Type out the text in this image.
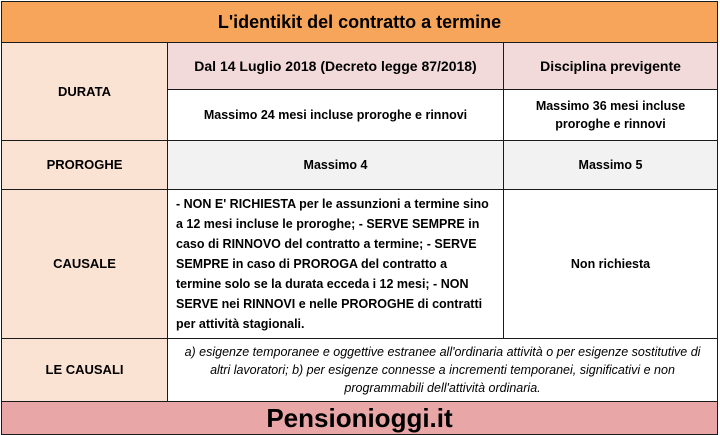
L'identikit del contratto a termine		
DURATA	Dal 14 Luglio 2018 (Decreto legge 87/2018)	Disciplina previgente
	Massimo 24 mesi incluse proroghe e rinnovi	Massimo 36 mesi incluse proroghe e rinnovi
PROROGHE	Massimo 4	Massimo 5
CAUSALE	- NON E' RICHIESTA per le assunzioni a termine sino a 12 mesi incluse le proroghe; - SERVE SEMPRE in caso di RINNOVO del contratto a termine; - SERVE SEMPRE in caso di PROROGA del contratto a termine solo se la durata ecceda i 12 mesi; - NON SERVE nei RINNOVI e nelle PROROGHE di contratti per attività stagionali.	Non richiesta
LE CAUSALI	a) esigenze temporanee e oggettive estranee all'ordinaria attività o per esigenze sostitutive di altri lavoratori; b) per esigenze connesse a incrementi temporanei, significativi e non programmabili dell'attività ordinaria.	
Pensionioggi.it		
